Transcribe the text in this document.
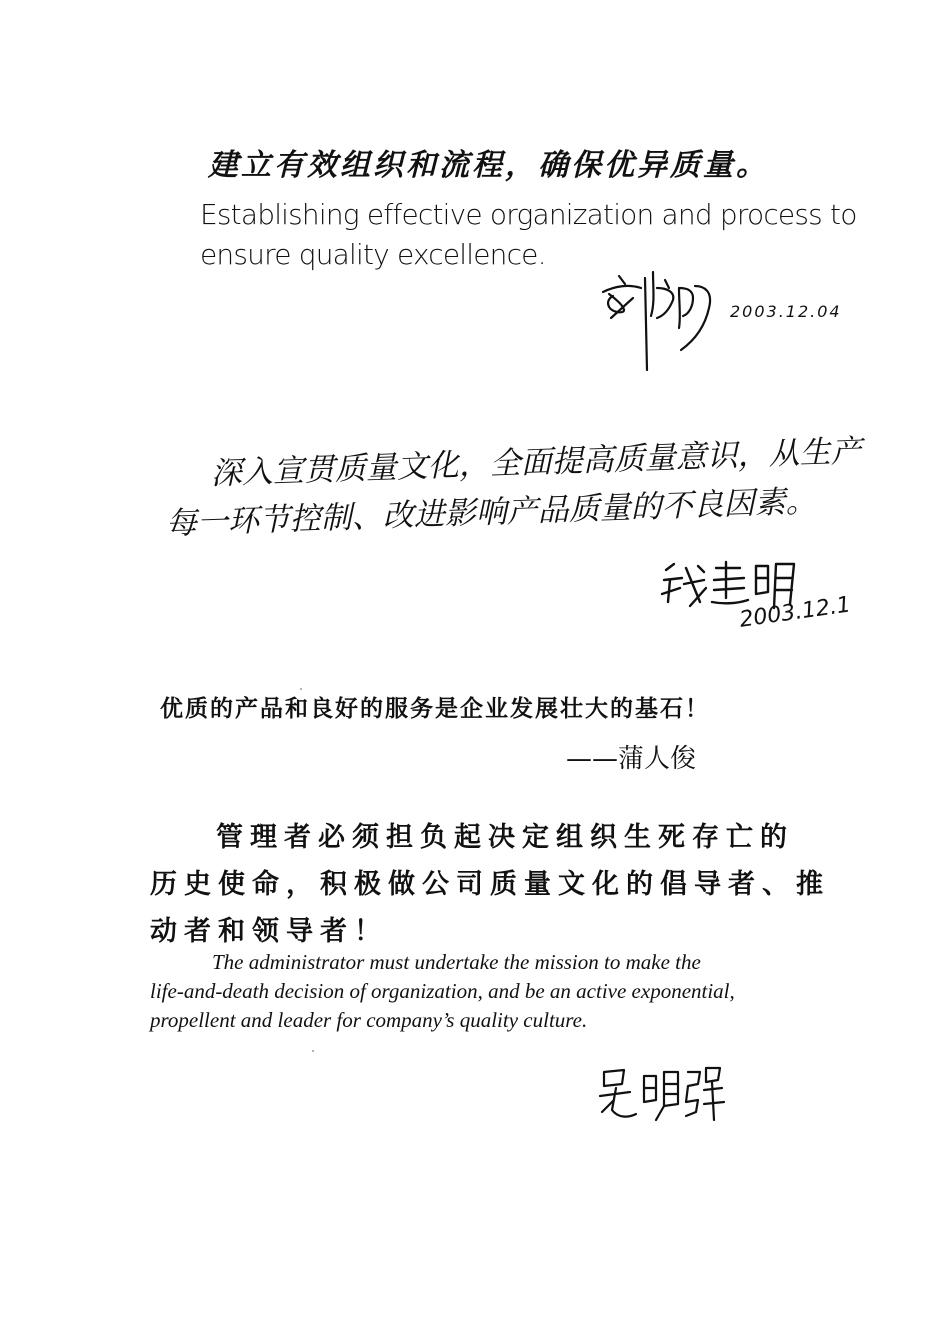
建立有效组织和流程，确保优异质量。
Establishing effective organization and process to ensure quality excellence.
2003.12.04
深入宣贯质量文化，全面提高质量意识，从生产
每一环节控制、改进影响产品质量的不良因素。
2003.12.1
优质的产品和良好的服务是企业发展壮大的基石！
——蒲人俊
管理者必须担负起决定组织生死存亡的
历史使命，积极做公司质量文化的倡导者、推
动者和领导者！
The administrator must undertake the mission to make the
life-and-death decision of organization, and be an active exponential,
propellent and leader for company’s quality culture.
